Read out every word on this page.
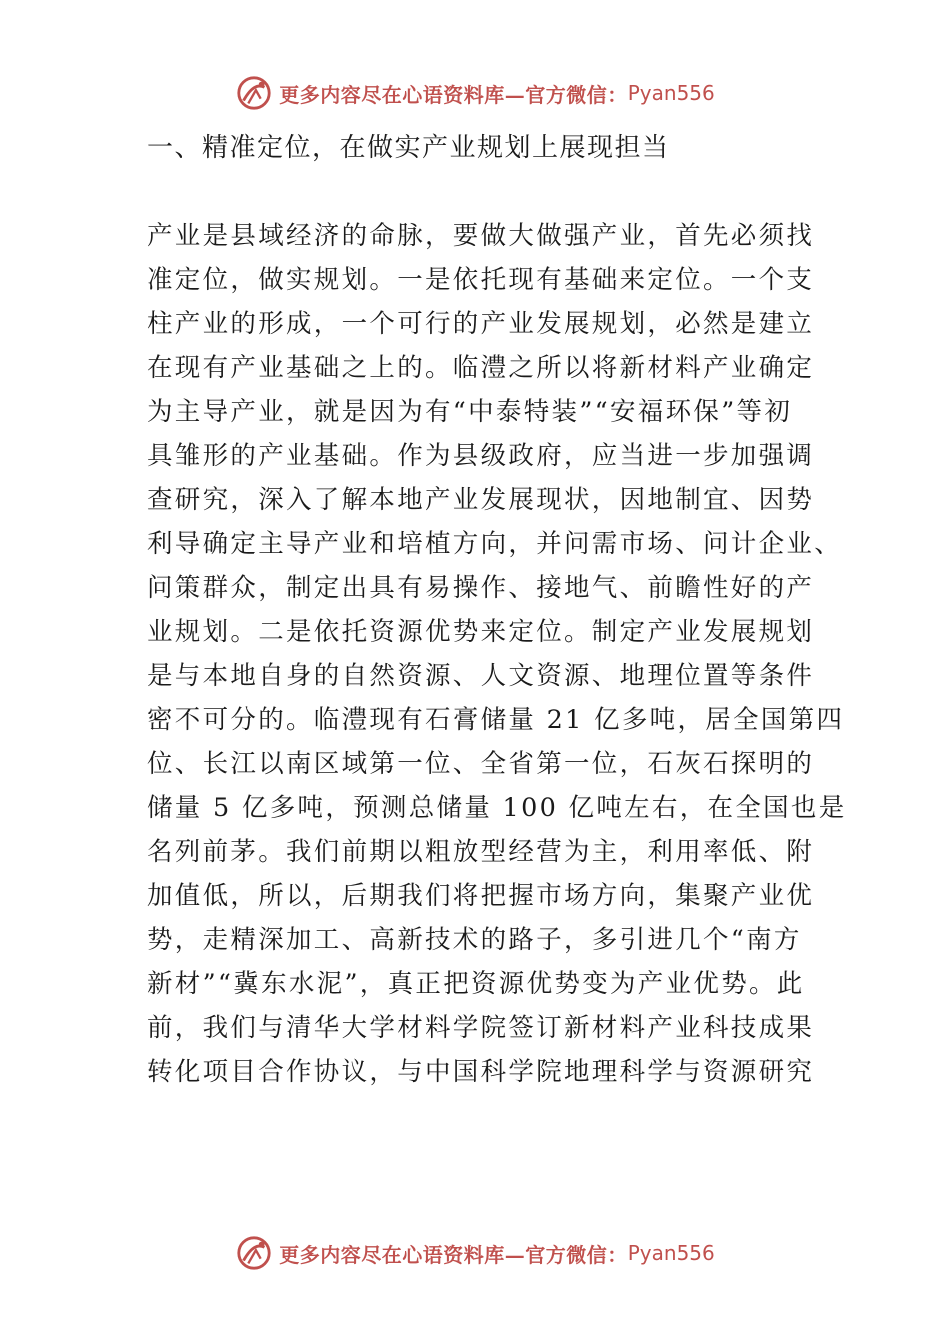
更多内容尽在心语资料库—官方微信： Pyan556
一、精准定位，在做实产业规划上展现担当
产业是县域经济的命脉，要做大做强产业，首先必须找
准定位，做实规划。一是依托现有基础来定位。一个支
柱产业的形成，一个可行的产业发展规划，必然是建立
在现有产业基础之上的。临澧之所以将新材料产业确定
为主导产业，就是因为有“中泰特装”“安福环保”等初
具雏形的产业基础。作为县级政府，应当进一步加强调
查研究，深入了解本地产业发展现状，因地制宜、因势
利导确定主导产业和培植方向，并问需市场、问计企业、
问策群众，制定出具有易操作、接地气、前瞻性好的产
业规划。二是依托资源优势来定位。制定产业发展规划
是与本地自身的自然资源、人文资源、地理位置等条件
密不可分的。临澧现有石膏储量 21 亿多吨，居全国第四
位、长江以南区域第一位、全省第一位，石灰石探明的
储量 5 亿多吨，预测总储量 100 亿吨左右，在全国也是
名列前茅。我们前期以粗放型经营为主，利用率低、附
加值低，所以，后期我们将把握市场方向，集聚产业优
势，走精深加工、高新技术的路子，多引进几个“南方
新材”“冀东水泥”，真正把资源优势变为产业优势。此
前，我们与清华大学材料学院签订新材料产业科技成果
转化项目合作协议，与中国科学院地理科学与资源研究
更多内容尽在心语资料库—官方微信： Pyan556
